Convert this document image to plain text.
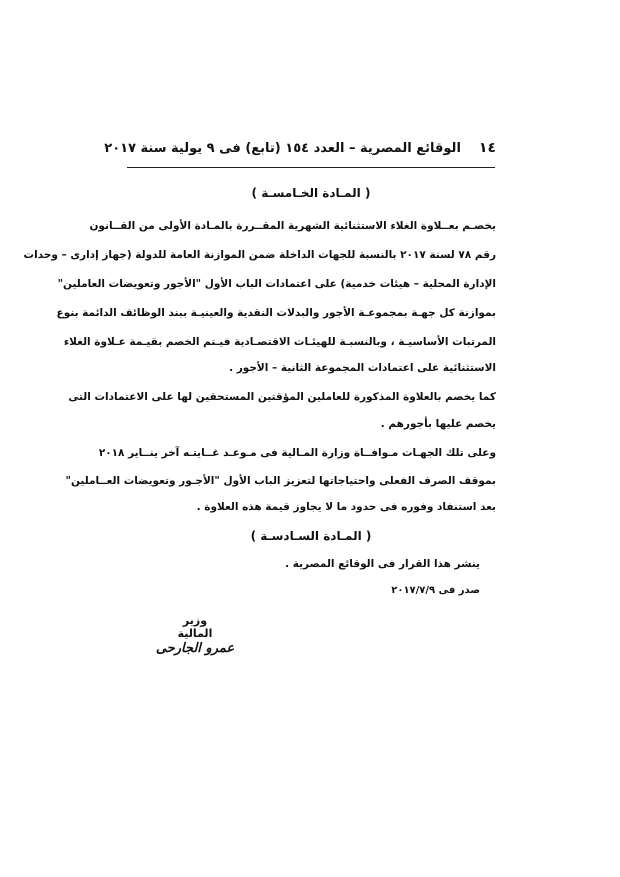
١٤
الوقائع المصرية – العدد ١٥٤ (تابع) فى ٩ يولية سنة ٢٠١٧
( المـادة الخـامسـة )
يخصـم بعــلاوة الغلاء الاستثنائية الشهرية المقــررة بالمـادة الأولى من القــانون
رقم ٧٨ لسنة ٢٠١٧ بالنسبة للجهات الداخلة ضمن الموازنة العامة للدولة (جهاز إدارى – وحدات
الإدارة المحلية – هيئات خدمية) على اعتمادات الباب الأول "الأجور وتعويضات العاملين"
بموازنة كل جهـة بمجموعـة الأجور والبدلات النقدية والعينيـة ببند الوظائف الدائمة بنوع
المرتبات الأساسيـة ، وبالنسبـة للهيئـات الاقتصـادية فيـتم الخصم بقيـمة عـلاوة الغلاء
الاستثنائية على اعتمادات المجموعة الثانية – الأجور .
كما يخصم بالعلاوة المذكورة للعاملين المؤقتين المستحقين لها على الاعتمادات التى
يخصم عليها بأجورهم .
وعلى تلك الجهـات مـوافــاة وزارة المـالية فى مـوعـد غــايتـه آخر ينــاير ٢٠١٨
بموقف الصرف الفعلى واحتياجاتها لتعزيز الباب الأول "الأجـور وتعويضات العــاملين"
بعد استنفاد وفوره فى حدود ما لا يجاوز قيمة هذه العلاوة .
( المـادة السـادسـة )
ينشر هذا القرار فى الوقائع المصرية .
صدر فى ٢٠١٧/٧/٩
وزير المالية
عمرو الجارحى
